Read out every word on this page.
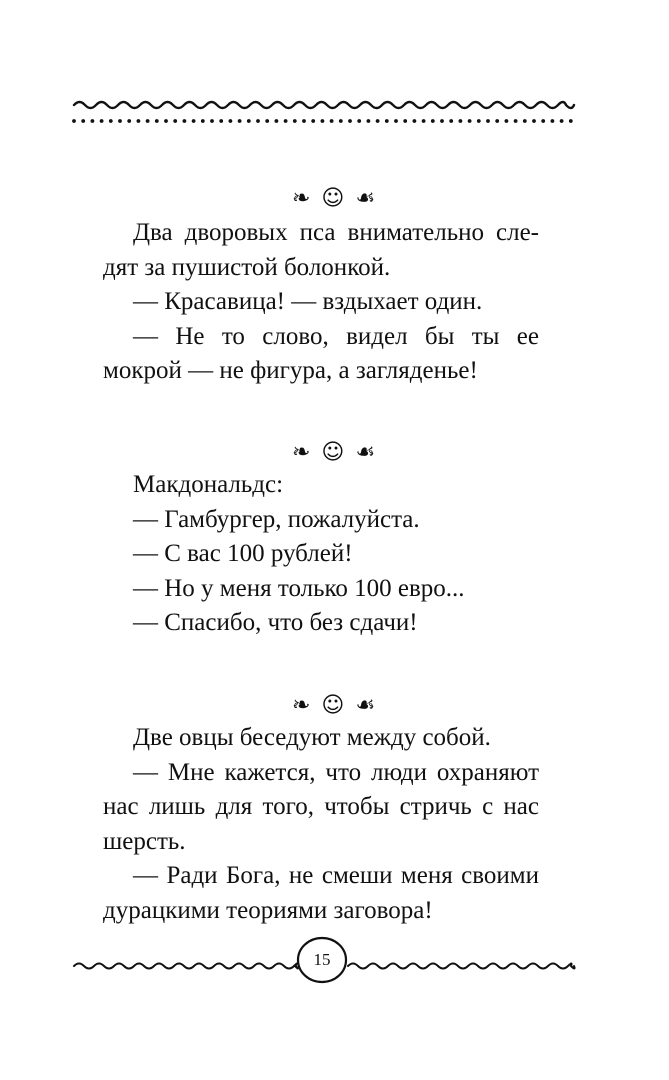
❧ ☺ ☙
Два дворовых пса внимательно сле-
дят за пушистой болонкой.
— Красавица! — вздыхает один.
— Не то слово, видел бы ты ее
мокрой — не фигура, а загляденье!
❧ ☺ ☙
Макдональдс:
— Гамбургер, пожалуйста.
— С вас 100 рублей!
— Но у меня только 100 евро...
— Спасибо, что без сдачи!
❧ ☺ ☙
Две овцы беседуют между собой.
— Мне кажется, что люди охраняют
нас лишь для того, чтобы стричь с нас
шерсть.
— Ради Бога, не смеши меня своими
дурацкими теориями заговора!
15
